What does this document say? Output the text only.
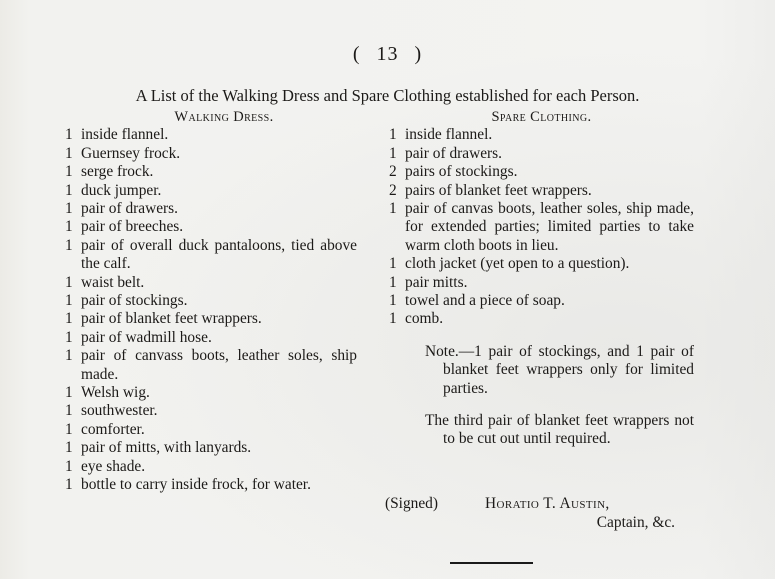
( 13 )
A List of the Walking Dress and Spare Clothing established for each Person.
Walking Dress.
1 inside flannel.
1 Guernsey frock.
1 serge frock.
1 duck jumper.
1 pair of drawers.
1 pair of breeches.
1 pair of overall duck pantaloons, tied above the calf.
1 waist belt.
1 pair of stockings.
1 pair of blanket feet wrappers.
1 pair of wadmill hose.
1 pair of canvass boots, leather soles, ship made.
1 Welsh wig.
1 southwester.
1 comforter.
1 pair of mitts, with lanyards.
1 eye shade.
1 bottle to carry inside frock, for water.
Spare Clothing.
1 inside flannel.
1 pair of drawers.
2 pairs of stockings.
2 pairs of blanket feet wrappers.
1 pair of canvas boots, leather soles, ship made, for extended parties; limited parties to take warm cloth boots in lieu.
1 cloth jacket (yet open to a question).
1 pair mitts.
1 towel and a piece of soap.
1 comb.
Note.—1 pair of stockings, and 1 pair of blanket feet wrappers only for limited parties.
The third pair of blanket feet wrappers not to be cut out until required.
(Signed)	Horatio T. Austin,
Captain, &c.
